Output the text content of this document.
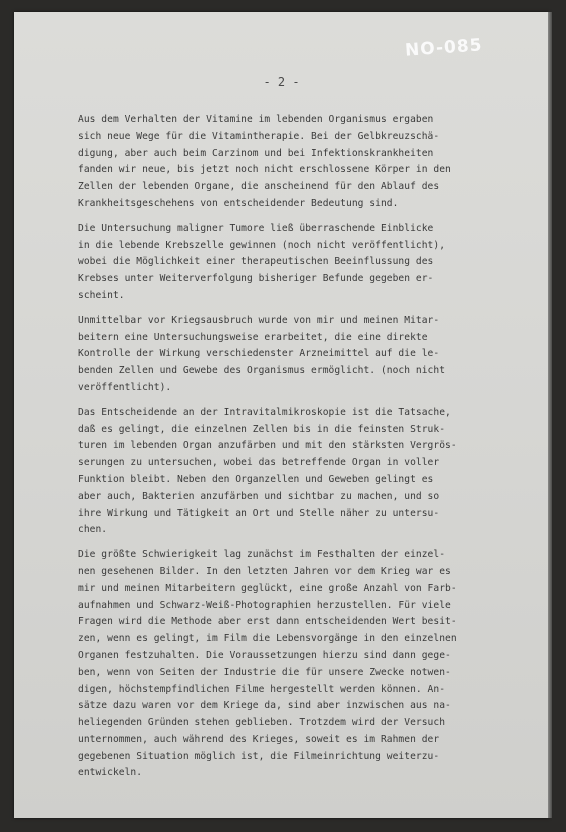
NO-085
- 2 -

Aus dem Verhalten der Vitamine im lebenden Organismus ergaben
sich neue Wege für die Vitamintherapie. Bei der Gelbkreuzschä-
digung, aber auch beim Carzinom und bei Infektionskrankheiten
fanden wir neue, bis jetzt noch nicht erschlossene Körper in den
Zellen der lebenden Organe, die anscheinend für den Ablauf des
Krankheitsgeschehens von entscheidender Bedeutung sind.

Die Untersuchung maligner Tumore ließ überraschende Einblicke
in die lebende Krebszelle gewinnen (noch nicht veröffentlicht),
wobei die Möglichkeit einer therapeutischen Beeinflussung des
Krebses unter Weiterverfolgung bisheriger Befunde gegeben er-
scheint.

Unmittelbar vor Kriegsausbruch wurde von mir und meinen Mitar-
beitern eine Untersuchungsweise erarbeitet, die eine direkte
Kontrolle der Wirkung verschiedenster Arzneimittel auf die le-
benden Zellen und Gewebe des Organismus ermöglicht. (noch nicht
veröffentlicht).

Das Entscheidende an der Intravitalmikroskopie ist die Tatsache,
daß es gelingt, die einzelnen Zellen bis in die feinsten Struk-
turen im lebenden Organ anzufärben und mit den stärksten Vergrös-
serungen zu untersuchen, wobei das betreffende Organ in voller
Funktion bleibt. Neben den Organzellen und Geweben gelingt es
aber auch, Bakterien anzufärben und sichtbar zu machen, und so
ihre Wirkung und Tätigkeit an Ort und Stelle näher zu untersu-
chen.

Die größte Schwierigkeit lag zunächst im Festhalten der einzel-
nen gesehenen Bilder. In den letzten Jahren vor dem Krieg war es
mir und meinen Mitarbeitern geglückt, eine große Anzahl von Farb-
aufnahmen und Schwarz-Weiß-Photographien herzustellen. Für viele
Fragen wird die Methode aber erst dann entscheidenden Wert besit-
zen, wenn es gelingt, im Film die Lebensvorgänge in den einzelnen
Organen festzuhalten. Die Voraussetzungen hierzu sind dann gege-
ben, wenn von Seiten der Industrie die für unsere Zwecke notwen-
digen, höchstempfindlichen Filme hergestellt werden können. An-
sätze dazu waren vor dem Kriege da, sind aber inzwischen aus na-
heliegenden Gründen stehen geblieben. Trotzdem wird der Versuch
unternommen, auch während des Krieges, soweit es im Rahmen der
gegebenen Situation möglich ist, die Filmeinrichtung weiterzu-
entwickeln.
